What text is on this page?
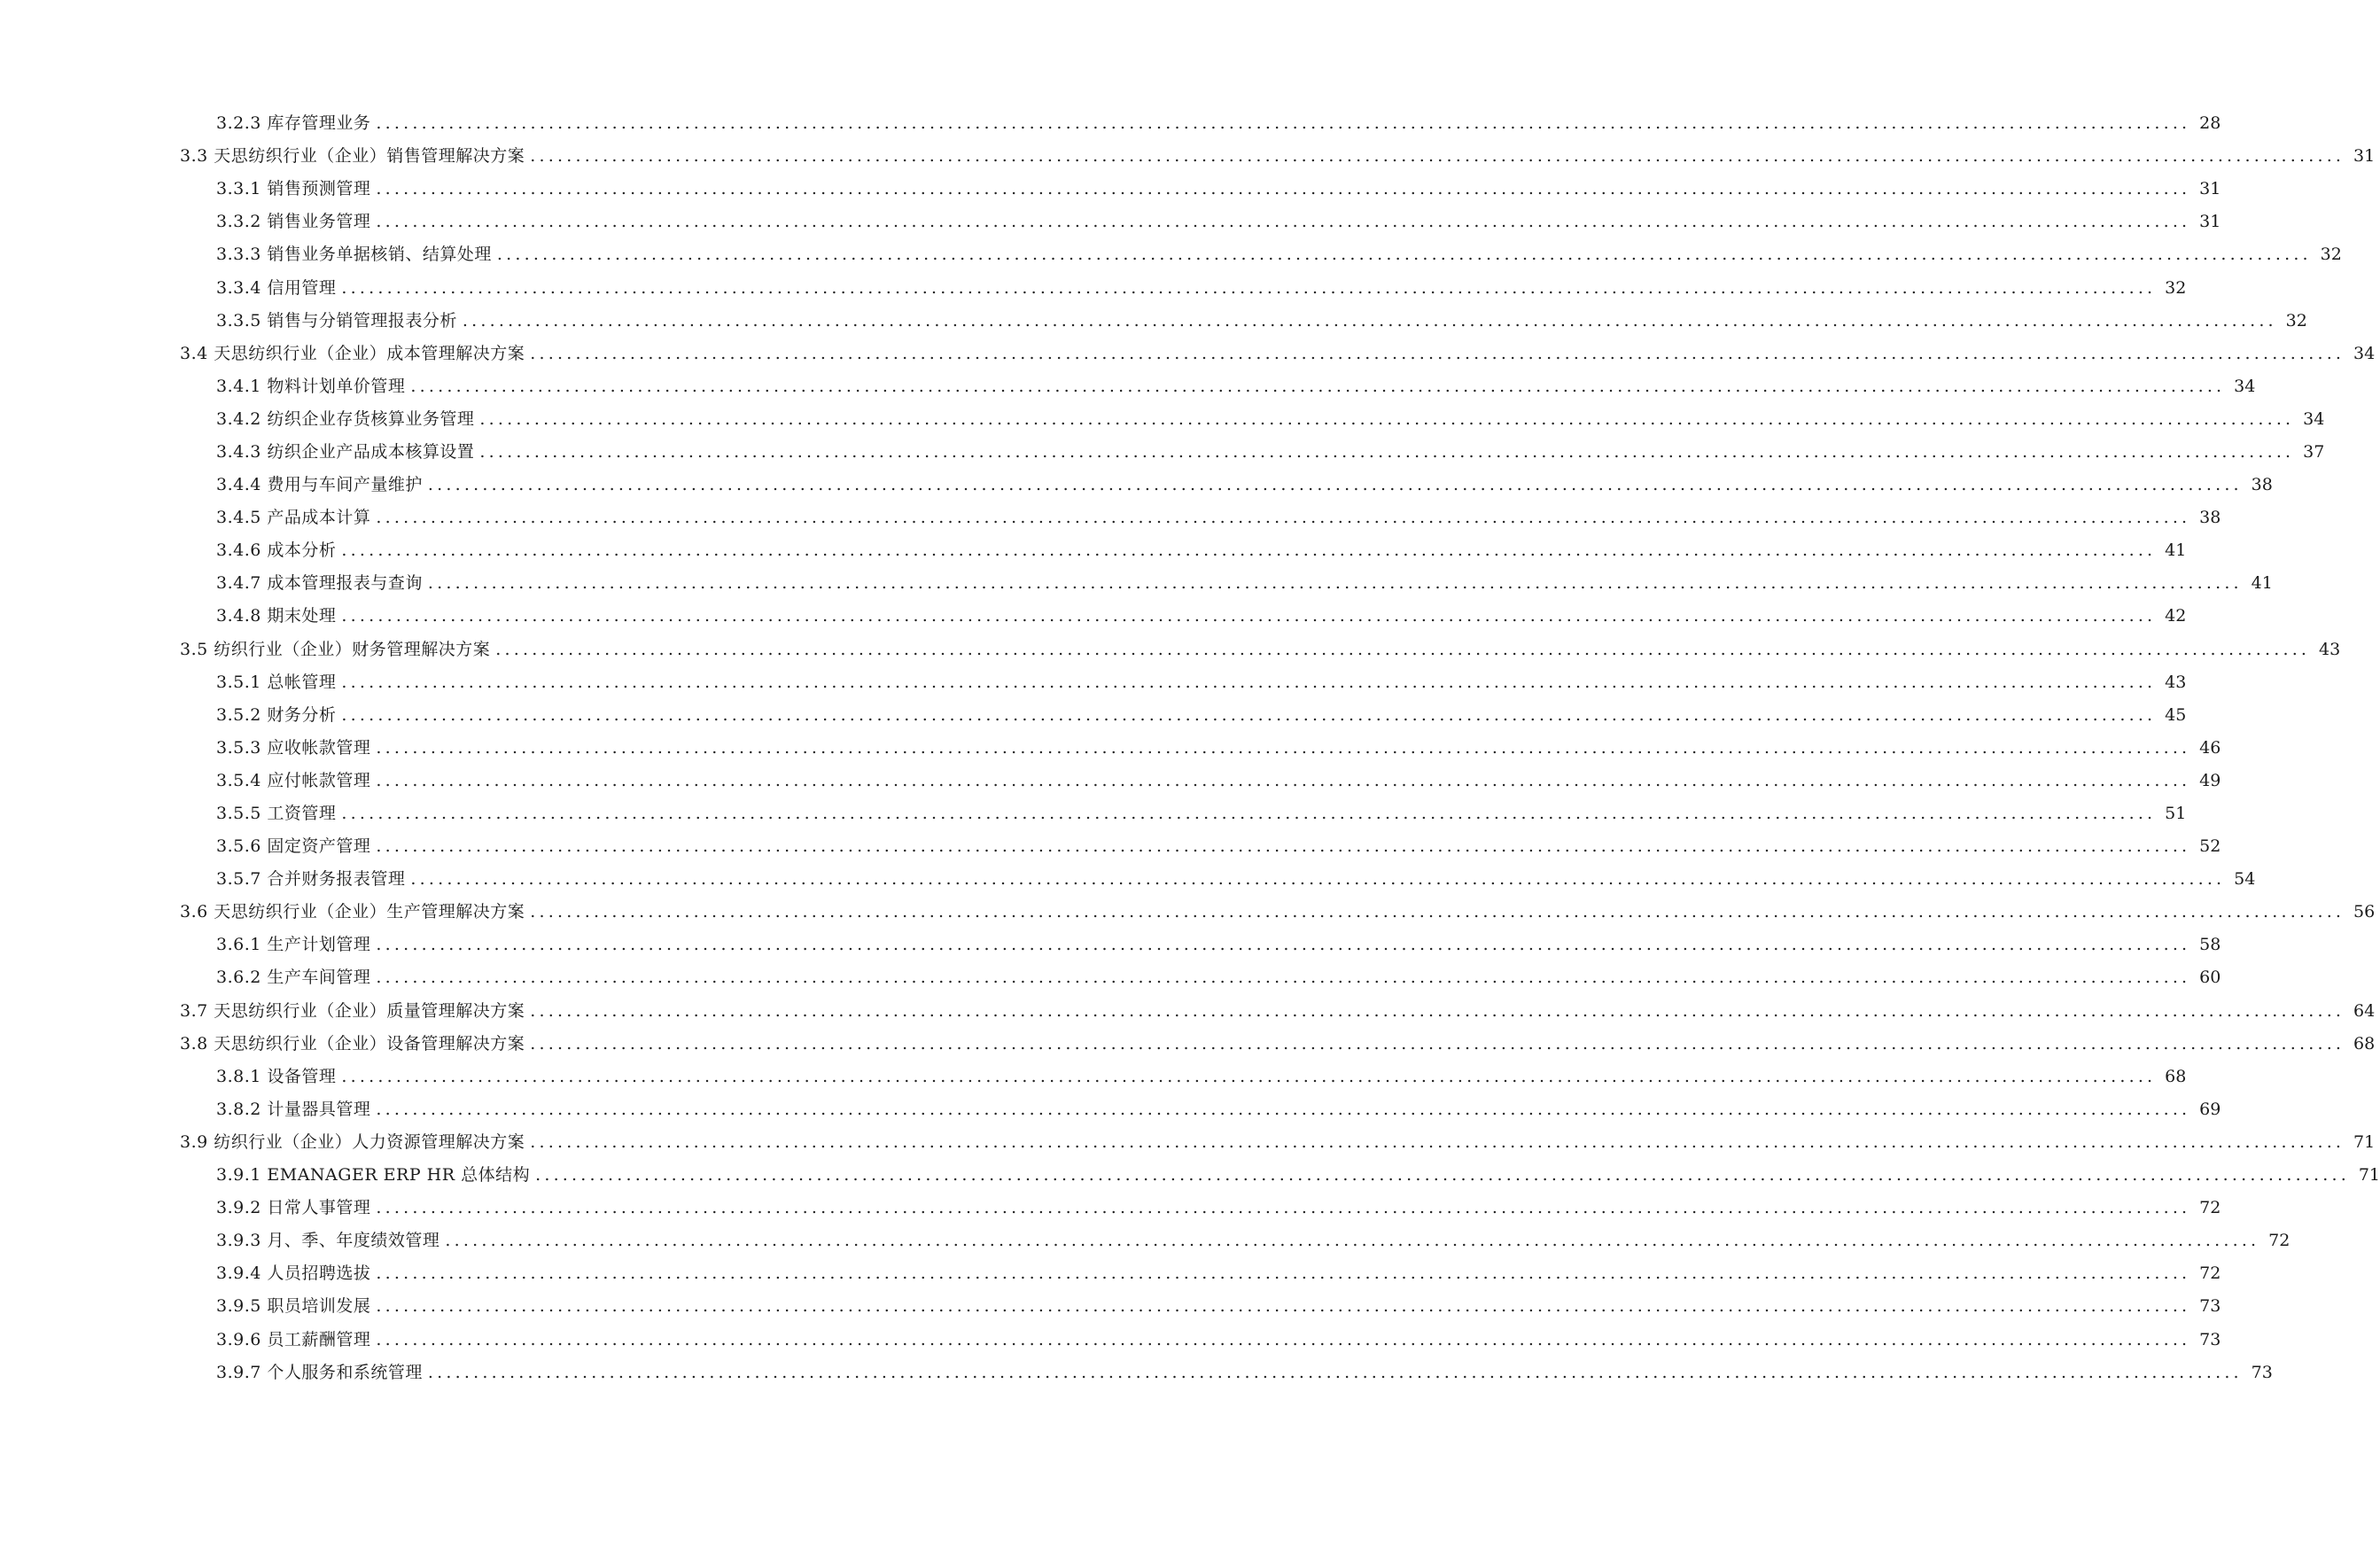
3.2.3 库存管理业务 ........................................................................................................................................................................................................ 28
3.3 天思纺织行业（企业）销售管理解决方案 ........................................................................................................................................................................................................ 31
3.3.1 销售预测管理 ........................................................................................................................................................................................................ 31
3.3.2 销售业务管理 ........................................................................................................................................................................................................ 31
3.3.3 销售业务单据核销、结算处理 ........................................................................................................................................................................................................ 32
3.3.4 信用管理 ........................................................................................................................................................................................................ 32
3.3.5 销售与分销管理报表分析 ........................................................................................................................................................................................................ 32
3.4 天思纺织行业（企业）成本管理解决方案 ........................................................................................................................................................................................................ 34
3.4.1 物料计划单价管理 ........................................................................................................................................................................................................ 34
3.4.2 纺织企业存货核算业务管理 ........................................................................................................................................................................................................ 34
3.4.3 纺织企业产品成本核算设置 ........................................................................................................................................................................................................ 37
3.4.4 费用与车间产量维护 ........................................................................................................................................................................................................ 38
3.4.5 产品成本计算 ........................................................................................................................................................................................................ 38
3.4.6 成本分析 ........................................................................................................................................................................................................ 41
3.4.7 成本管理报表与查询 ........................................................................................................................................................................................................ 41
3.4.8 期末处理 ........................................................................................................................................................................................................ 42
3.5 纺织行业（企业）财务管理解决方案 ........................................................................................................................................................................................................ 43
3.5.1 总帐管理 ........................................................................................................................................................................................................ 43
3.5.2 财务分析 ........................................................................................................................................................................................................ 45
3.5.3 应收帐款管理 ........................................................................................................................................................................................................ 46
3.5.4 应付帐款管理 ........................................................................................................................................................................................................ 49
3.5.5 工资管理 ........................................................................................................................................................................................................ 51
3.5.6 固定资产管理 ........................................................................................................................................................................................................ 52
3.5.7 合并财务报表管理 ........................................................................................................................................................................................................ 54
3.6 天思纺织行业（企业）生产管理解决方案 ........................................................................................................................................................................................................ 56
3.6.1 生产计划管理 ........................................................................................................................................................................................................ 58
3.6.2 生产车间管理 ........................................................................................................................................................................................................ 60
3.7 天思纺织行业（企业）质量管理解决方案 ........................................................................................................................................................................................................ 64
3.8 天思纺织行业（企业）设备管理解决方案 ........................................................................................................................................................................................................ 68
3.8.1 设备管理 ........................................................................................................................................................................................................ 68
3.8.2 计量器具管理 ........................................................................................................................................................................................................ 69
3.9 纺织行业（企业）人力资源管理解决方案 ........................................................................................................................................................................................................ 71
3.9.1 EMANAGER ERP HR 总体结构 ........................................................................................................................................................................................................ 71
3.9.2 日常人事管理 ........................................................................................................................................................................................................ 72
3.9.3 月、季、年度绩效管理 ........................................................................................................................................................................................................ 72
3.9.4 人员招聘选拔 ........................................................................................................................................................................................................ 72
3.9.5 职员培训发展 ........................................................................................................................................................................................................ 73
3.9.6 员工薪酬管理 ........................................................................................................................................................................................................ 73
3.9.7 个人服务和系统管理 ........................................................................................................................................................................................................ 73
